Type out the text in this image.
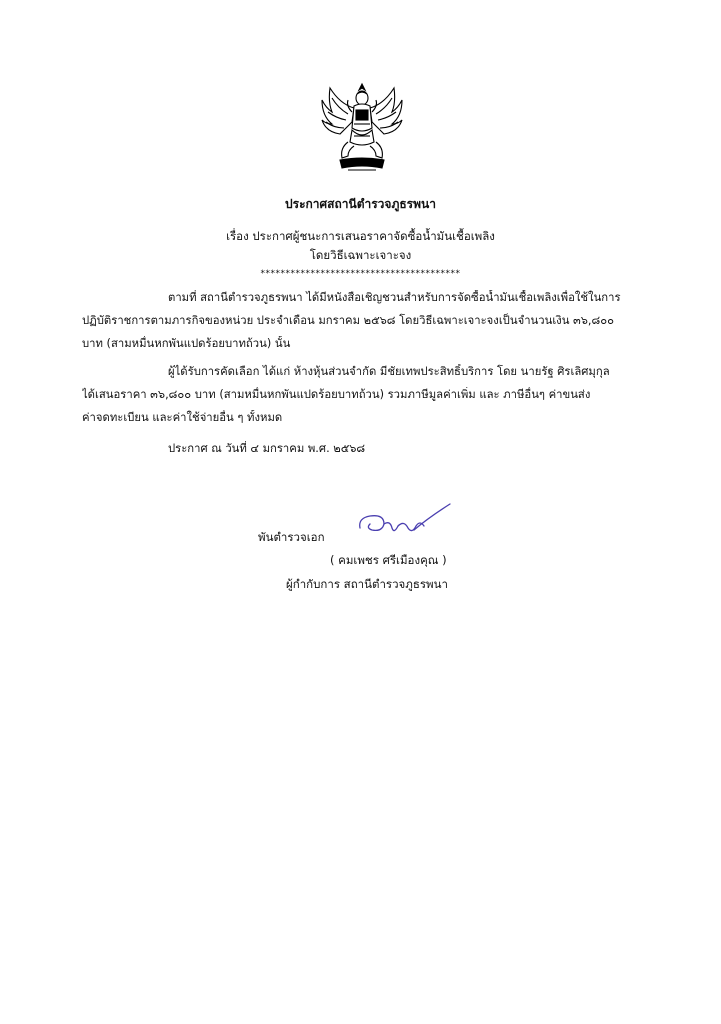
ประกาศสถานีตำรวจภูธรพนา
เรื่อง ประกาศผู้ชนะการเสนอราคาจัดซื้อน้ำมันเชื้อเพลิง
โดยวิธีเฉพาะเจาะจง
****************************************
ตามที่ สถานีตำรวจภูธรพนา ได้มีหนังสือเชิญชวนสำหรับการจัดซื้อน้ำมันเชื้อเพลิงเพื่อใช้ในการ
ปฏิบัติราชการตามภารกิจของหน่วย ประจำเดือน มกราคม ๒๕๖๘ โดยวิธีเฉพาะเจาะจงเป็นจำนวนเงิน ๓๖,๘๐๐
บาท (สามหมื่นหกพันแปดร้อยบาทถ้วน) นั้น
ผู้ได้รับการคัดเลือก ได้แก่ ห้างหุ้นส่วนจำกัด มีชัยเทพประสิทธิ์บริการ โดย นายรัฐ ศิรเลิศมุกุล
ได้เสนอราคา ๓๖,๘๐๐ บาท (สามหมื่นหกพันแปดร้อยบาทถ้วน) รวมภาษีมูลค่าเพิ่ม และ ภาษีอื่นๆ ค่าขนส่ง
ค่าจดทะเบียน และค่าใช้จ่ายอื่น ๆ ทั้งหมด
ประกาศ ณ วันที่ ๔ มกราคม พ.ศ. ๒๕๖๘
พันตำรวจเอก
( คมเพชร ศรีเมืองคุณ )
ผู้กำกับการ สถานีตำรวจภูธรพนา
